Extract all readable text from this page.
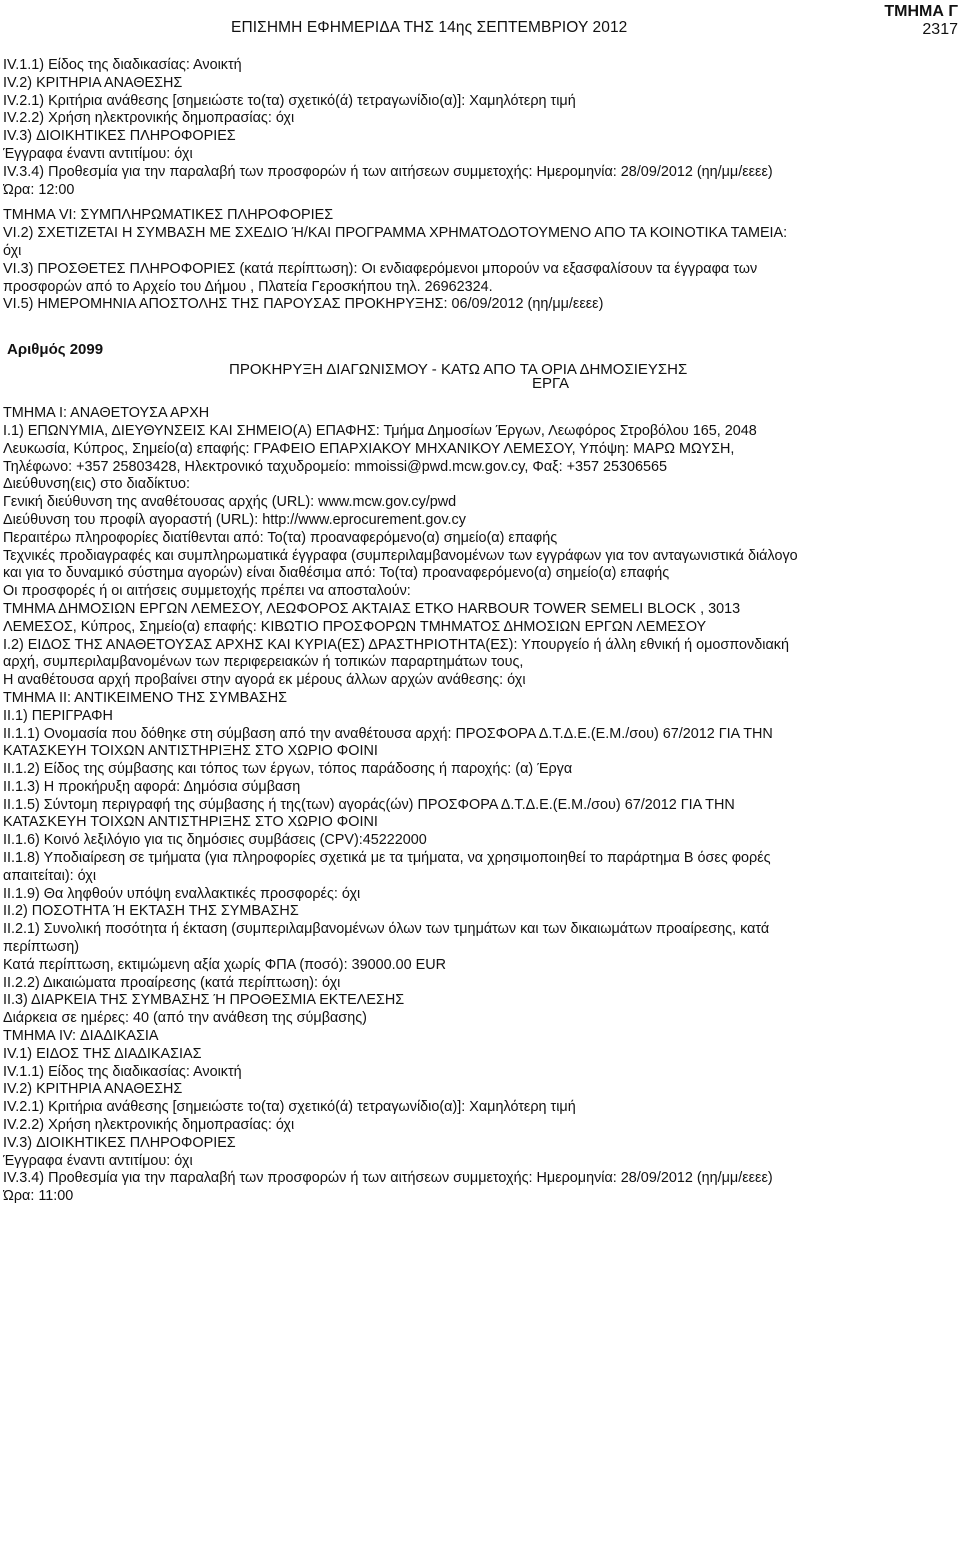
ΕΠΙΣΗΜΗ ΕΦΗΜΕΡΙΔΑ ΤΗΣ 14ης ΣΕΠΤΕΜΒΡΙΟΥ 2012
ΤΜΗΜΑ Γ
2317
IV.1.1) Είδος της διαδικασίας: Ανοικτή
IV.2) ΚΡΙΤΗΡΙΑ ΑΝΑΘΕΣΗΣ
IV.2.1) Κριτήρια ανάθεσης [σημειώστε το(τα) σχετικό(ά) τετραγωνίδιο(α)]: Χαμηλότερη τιμή
IV.2.2) Χρήση ηλεκτρονικής δημοπρασίας: όχι
IV.3) ΔΙΟΙΚΗΤΙΚΕΣ ΠΛΗΡΟΦΟΡΙΕΣ
Έγγραφα έναντι αντιτίμου: όχι
IV.3.4) Προθεσμία για την παραλαβή των προσφορών ή των αιτήσεων συμμετοχής: Ημερομηνία: 28/09/2012 (ηη/μμ/εεεε)
Ώρα: 12:00
ΤΜΗΜΑ VI: ΣΥΜΠΛΗΡΩΜΑΤΙΚΕΣ ΠΛΗΡΟΦΟΡΙΕΣ
VI.2) ΣΧΕΤΙΖΕΤΑΙ Η ΣΥΜΒΑΣΗ ΜΕ ΣΧΕΔΙΟ Ή/ΚΑΙ ΠΡΟΓΡΑΜΜΑ ΧΡΗΜΑΤΟΔΟΤΟΥΜΕΝΟ ΑΠΟ ΤΑ ΚΟΙΝΟΤΙΚΑ ΤΑΜΕΙΑ:
όχι
VI.3) ΠΡΟΣΘΕΤΕΣ ΠΛΗΡΟΦΟΡΙΕΣ (κατά περίπτωση): Οι ενδιαφερόμενοι μπορούν να εξασφαλίσουν τα έγγραφα των
προσφορών από το Αρχείο του Δήμου , Πλατεία Γεροσκήπου τηλ. 26962324.
VI.5) ΗΜΕΡΟΜΗΝΙΑ ΑΠΟΣΤΟΛΗΣ ΤΗΣ ΠΑΡΟΥΣΑΣ ΠΡΟΚΗΡΥΞΗΣ: 06/09/2012 (ηη/μμ/εεεε)
Αριθμός 2099
ΠΡΟΚΗΡΥΞΗ ΔΙΑΓΩΝΙΣΜΟΥ - ΚΑΤΩ ΑΠΟ ΤΑ ΟΡΙΑ ΔΗΜΟΣΙΕΥΣΗΣ
ΕΡΓΑ
ΤΜΗΜΑ Ι: ΑΝΑΘΕΤΟΥΣΑ ΑΡΧΗ
Ι.1) ΕΠΩΝΥΜΙΑ, ΔΙΕΥΘΥΝΣΕΙΣ ΚΑΙ ΣΗΜΕΙΟ(Α) ΕΠΑΦΗΣ: Τμήμα Δημοσίων Έργων, Λεωφόρος Στροβόλου 165, 2048
Λευκωσία, Κύπρος, Σημείο(α) επαφής: ΓΡΑΦΕΙΟ ΕΠΑΡΧΙΑΚΟΥ ΜΗΧΑΝΙΚΟΥ ΛΕΜΕΣΟΥ, Υπόψη: ΜΑΡΩ ΜΩΥΣΗ,
Τηλέφωνο: +357 25803428, Ηλεκτρονικό ταχυδρομείο: mmoissi@pwd.mcw.gov.cy, Φαξ: +357 25306565
Διεύθυνση(εις) στο διαδίκτυο:
Γενική διεύθυνση της αναθέτουσας αρχής (URL): www.mcw.gov.cy/pwd
Διεύθυνση του προφίλ αγοραστή (URL): http://www.eprocurement.gov.cy
Περαιτέρω πληροφορίες διατίθενται από: Το(τα) προαναφερόμενο(α) σημείο(α) επαφής
Τεχνικές προδιαγραφές και συμπληρωματικά έγγραφα (συμπεριλαμβανομένων των εγγράφων για τον ανταγωνιστικά διάλογο
και για το δυναμικό σύστημα αγορών) είναι διαθέσιμα από: Το(τα) προαναφερόμενο(α) σημείο(α) επαφής
Οι προσφορές ή οι αιτήσεις συμμετοχής πρέπει να αποσταλούν:
ΤΜΗΜΑ ΔΗΜΟΣΙΩΝ ΕΡΓΩΝ ΛΕΜΕΣΟΥ, ΛΕΩΦΟΡΟΣ ΑΚΤΑΙΑΣ ΕΤΚΟ HARBOUR TOWER SEMELI BLOCK , 3013
ΛΕΜΕΣΟΣ, Κύπρος, Σημείο(α) επαφής: ΚΙΒΩΤΙΟ ΠΡΟΣΦΟΡΩΝ ΤΜΗΜΑΤΟΣ ΔΗΜΟΣΙΩΝ ΕΡΓΩΝ ΛΕΜΕΣΟΥ
Ι.2) ΕΙΔΟΣ ΤΗΣ ΑΝΑΘΕΤΟΥΣΑΣ ΑΡΧΗΣ ΚΑΙ ΚΥΡΙΑ(ΕΣ) ΔΡΑΣΤΗΡΙΟΤΗΤΑ(ΕΣ): Υπουργείο ή άλλη εθνική ή ομοσπονδιακή
αρχή, συμπεριλαμβανομένων των περιφερειακών ή τοπικών παραρτημάτων τους,
Η αναθέτουσα αρχή προβαίνει στην αγορά εκ μέρους άλλων αρχών ανάθεσης: όχι
ΤΜΗΜΑ ΙΙ: ΑΝΤΙΚΕΙΜΕΝΟ ΤΗΣ ΣΥΜΒΑΣΗΣ
ΙΙ.1) ΠΕΡΙΓΡΑΦΗ
ΙΙ.1.1) Ονομασία που δόθηκε στη σύμβαση από την αναθέτουσα αρχή: ΠΡΟΣΦΟΡΑ Δ.Τ.Δ.Ε.(Ε.Μ./σου) 67/2012 ΓΙΑ ΤΗΝ
ΚΑΤΑΣΚΕΥΗ ΤΟΙΧΩΝ ΑΝΤΙΣΤΗΡΙΞΗΣ ΣΤΟ ΧΩΡΙΟ ΦΟΙΝΙ
ΙΙ.1.2) Είδος της σύμβασης και τόπος των έργων, τόπος παράδοσης ή παροχής: (α) Έργα
ΙΙ.1.3) Η προκήρυξη αφορά: Δημόσια σύμβαση
ΙΙ.1.5) Σύντομη περιγραφή της σύμβασης ή της(των) αγοράς(ών) ΠΡΟΣΦΟΡΑ Δ.Τ.Δ.Ε.(Ε.Μ./σου) 67/2012 ΓΙΑ ΤΗΝ
ΚΑΤΑΣΚΕΥΗ ΤΟΙΧΩΝ ΑΝΤΙΣΤΗΡΙΞΗΣ ΣΤΟ ΧΩΡΙΟ ΦΟΙΝΙ
ΙΙ.1.6) Κοινό λεξιλόγιο για τις δημόσιες συμβάσεις (CPV):45222000
ΙΙ.1.8) Υποδιαίρεση σε τμήματα (για πληροφορίες σχετικά με τα τμήματα, να χρησιμοποιηθεί το παράρτημα Β όσες φορές
απαιτείται): όχι
ΙΙ.1.9) Θα ληφθούν υπόψη εναλλακτικές προσφορές: όχι
ΙΙ.2) ΠΟΣΟΤΗΤΑ Ή ΕΚΤΑΣΗ ΤΗΣ ΣΥΜΒΑΣΗΣ
ΙΙ.2.1) Συνολική ποσότητα ή έκταση (συμπεριλαμβανομένων όλων των τμημάτων και των δικαιωμάτων προαίρεσης, κατά
περίπτωση)
Κατά περίπτωση, εκτιμώμενη αξία χωρίς ΦΠΑ (ποσό): 39000.00 EUR
ΙΙ.2.2) Δικαιώματα προαίρεσης (κατά περίπτωση): όχι
ΙΙ.3) ΔΙΑΡΚΕΙΑ ΤΗΣ ΣΥΜΒΑΣΗΣ Ή ΠΡΟΘΕΣΜΙΑ ΕΚΤΕΛΕΣΗΣ
Διάρκεια σε ημέρες: 40 (από την ανάθεση της σύμβασης)
ΤΜΗΜΑ IV: ΔΙΑΔΙΚΑΣΙΑ
IV.1) ΕΙΔΟΣ ΤΗΣ ΔΙΑΔΙΚΑΣΙΑΣ
IV.1.1) Είδος της διαδικασίας: Ανοικτή
IV.2) ΚΡΙΤΗΡΙΑ ΑΝΑΘΕΣΗΣ
IV.2.1) Κριτήρια ανάθεσης [σημειώστε το(τα) σχετικό(ά) τετραγωνίδιο(α)]: Χαμηλότερη τιμή
IV.2.2) Χρήση ηλεκτρονικής δημοπρασίας: όχι
IV.3) ΔΙΟΙΚΗΤΙΚΕΣ ΠΛΗΡΟΦΟΡΙΕΣ
Έγγραφα έναντι αντιτίμου: όχι
IV.3.4) Προθεσμία για την παραλαβή των προσφορών ή των αιτήσεων συμμετοχής: Ημερομηνία: 28/09/2012 (ηη/μμ/εεεε)
Ώρα: 11:00
